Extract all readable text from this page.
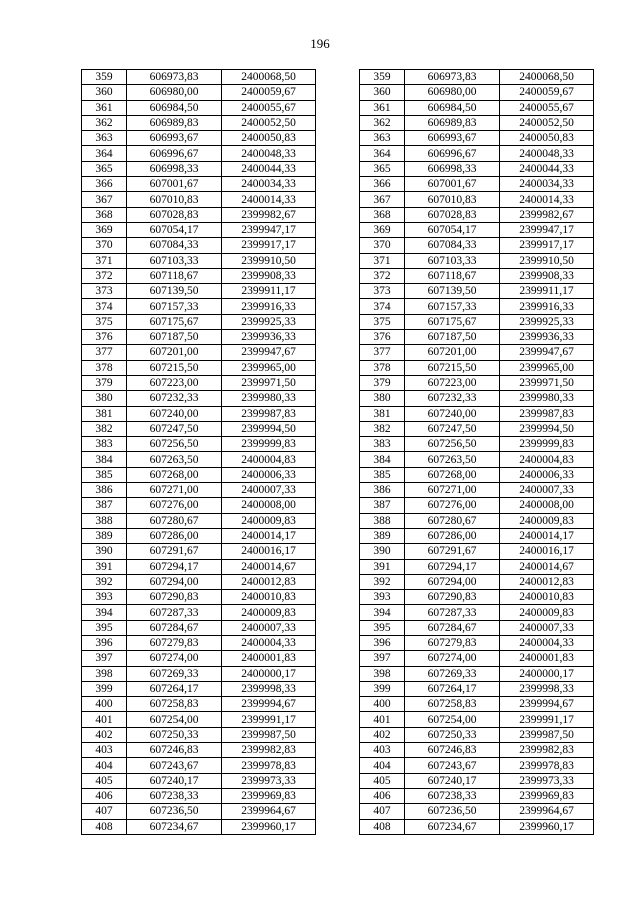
196
359	606973,83	2400068,50		359	606973,83	2400068,50
360	606980,00	2400059,67		360	606980,00	2400059,67
361	606984,50	2400055,67		361	606984,50	2400055,67
362	606989,83	2400052,50		362	606989,83	2400052,50
363	606993,67	2400050,83		363	606993,67	2400050,83
364	606996,67	2400048,33		364	606996,67	2400048,33
365	606998,33	2400044,33		365	606998,33	2400044,33
366	607001,67	2400034,33		366	607001,67	2400034,33
367	607010,83	2400014,33		367	607010,83	2400014,33
368	607028,83	2399982,67		368	607028,83	2399982,67
369	607054,17	2399947,17		369	607054,17	2399947,17
370	607084,33	2399917,17		370	607084,33	2399917,17
371	607103,33	2399910,50		371	607103,33	2399910,50
372	607118,67	2399908,33		372	607118,67	2399908,33
373	607139,50	2399911,17		373	607139,50	2399911,17
374	607157,33	2399916,33		374	607157,33	2399916,33
375	607175,67	2399925,33		375	607175,67	2399925,33
376	607187,50	2399936,33		376	607187,50	2399936,33
377	607201,00	2399947,67		377	607201,00	2399947,67
378	607215,50	2399965,00		378	607215,50	2399965,00
379	607223,00	2399971,50		379	607223,00	2399971,50
380	607232,33	2399980,33		380	607232,33	2399980,33
381	607240,00	2399987,83		381	607240,00	2399987,83
382	607247,50	2399994,50		382	607247,50	2399994,50
383	607256,50	2399999,83		383	607256,50	2399999,83
384	607263,50	2400004,83		384	607263,50	2400004,83
385	607268,00	2400006,33		385	607268,00	2400006,33
386	607271,00	2400007,33		386	607271,00	2400007,33
387	607276,00	2400008,00		387	607276,00	2400008,00
388	607280,67	2400009,83		388	607280,67	2400009,83
389	607286,00	2400014,17		389	607286,00	2400014,17
390	607291,67	2400016,17		390	607291,67	2400016,17
391	607294,17	2400014,67		391	607294,17	2400014,67
392	607294,00	2400012,83		392	607294,00	2400012,83
393	607290,83	2400010,83		393	607290,83	2400010,83
394	607287,33	2400009,83		394	607287,33	2400009,83
395	607284,67	2400007,33		395	607284,67	2400007,33
396	607279,83	2400004,33		396	607279,83	2400004,33
397	607274,00	2400001,83		397	607274,00	2400001,83
398	607269,33	2400000,17		398	607269,33	2400000,17
399	607264,17	2399998,33		399	607264,17	2399998,33
400	607258,83	2399994,67		400	607258,83	2399994,67
401	607254,00	2399991,17		401	607254,00	2399991,17
402	607250,33	2399987,50		402	607250,33	2399987,50
403	607246,83	2399982,83		403	607246,83	2399982,83
404	607243,67	2399978,83		404	607243,67	2399978,83
405	607240,17	2399973,33		405	607240,17	2399973,33
406	607238,33	2399969,83		406	607238,33	2399969,83
407	607236,50	2399964,67		407	607236,50	2399964,67
408	607234,67	2399960,17		408	607234,67	2399960,17
